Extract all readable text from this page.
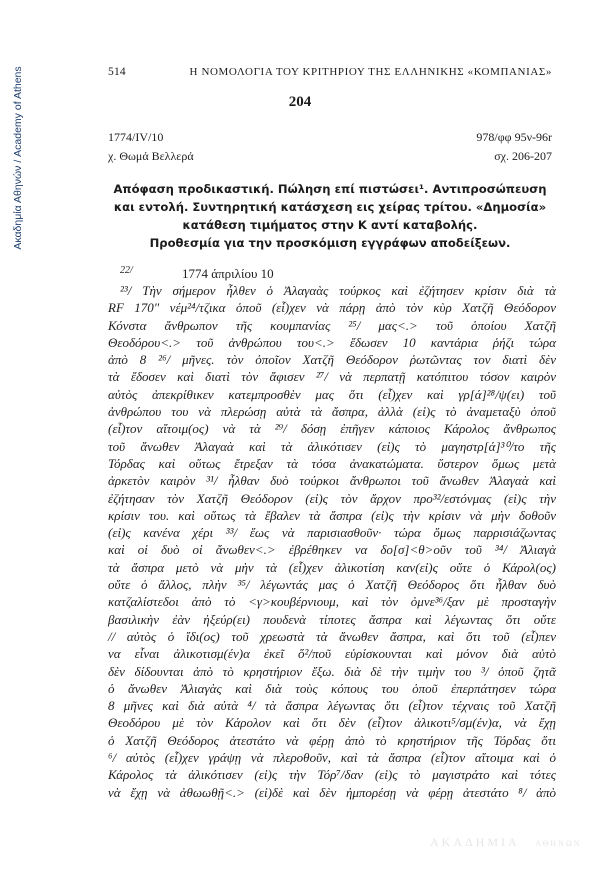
Ακαδημία Αθηνών / Academy of Athens	514	Η ΝΟΜΟΛΟΓΙΑ ΤΟΥ ΚΡΙΤΗΡΙΟΥ ΤΗΣ ΕΛΛΗΝΙΚΗΣ «ΚΟΜΠΑΝΙΑΣ»
204
1774/IV/10
χ. Θωμά Βελλερά
978/φφ 95ν-96r
σχ. 206-207
Απόφαση προδικαστική. Πώληση επί πιστώσει¹. Αντιπροσώπευση
και εντολή. Συντηρητική κατάσχεση εις χείρας τρίτου. «Δημοσία»
κατάθεση τιμήματος στην Κ αντί καταβολής.
Προθεσμία για την προσκόμιση εγγράφων αποδείξεων.
$^{22/}$	1774 άπριλίου 10
²³/ Τὴν σήμερον ἦλθεν ὁ Ἀλαγαὰς τούρκος καὶ ἐζήτησεν κρίσιν διὰ τὰ
RF 170" νέμ²⁴/τζικα ὁποῦ (εἶ)χεν νὰ πάρῃ ἀπὸ τὸν κὺρ Χατζῆ Θεόδορον
Κόνστα ἄνθρωπον τῆς κουμπανίας ²⁵/ μας<.> τοῦ ὁποίου Χατζῆ
Θεοδόρου<.> τοῦ ἀνθρώπου του<.> ἔδωσεν 10 καντάρια ῥήζι τώρα
ἀπὸ 8 ²⁶/ μῆνες. τὸν ὁποῖον Χατζῆ Θεόδορον ῥωτῶντας τον διατὶ δὲν
τὰ ἔδοσεν καὶ διατὶ τὸν ἄφισεν ²⁷/ νὰ περπατῇ κατόπιτου τόσον καιρὸν
αὐτὸς ἀπεκρίθικεν κατεμπροσθὲν μας ὅτι (εἶ)χεν καὶ γρ[ά]²⁸/ψ(ει) τοῦ
ἀνθρώπου του νὰ πλερώσῃ αὐτὰ τὰ ἄσπρα, ἀλλὰ (εἰ)ς τὸ ἀναμεταξὺ ὁποῦ
(εἶ)τον αἴτοιμ(ος) νὰ τὰ ²⁹/ δόσῃ ἐπῆγεν κάποιος Κάρολος ἄνθρωπος
τοῦ ἄνωθεν Ἀλαγαὰ καὶ τὰ ἀλικότισεν (εἰ)ς τὸ μαγηστρ[ά]³⁰/το τῆς
Τόρδας καὶ οὕτως ἔτρεξαν τὰ τόσα ἀνακατώματα. ὕστερον ὅμως μετὰ
ἀρκετὸν καιρὸν ³¹/ ἦλθαν δυὸ τούρκοι ἄνθρωποι τοῦ ἄνωθεν Ἀλαγαὰ καὶ
ἐζήτησαν τὸν Χατζῆ Θεόδορον (εἰ)ς τὸν ἄρχον προ³²/εστόνμας (εἰ)ς τὴν
κρίσιν του. καὶ οὕτως τὰ ἔβαλεν τὰ ἄσπρα (εἰ)ς τὴν κρίσιν νὰ μὴν δοθοῦν
(εἰ)ς κανένα χέρι ³³/ ἕως νὰ παρισιασθοῦν· τώρα ὅμως παρρισιάζωντας
καὶ οἱ δυὸ οἱ ἄνωθεν<.> ἐβρέθηκεν να δο[σ]<θ>οῦν τοῦ ³⁴/ Ἀλιαγὰ
τὰ ἄσπρα μετὸ νὰ μὴν τὰ (εἶ)χεν ἀλικοτίση καν(εἰ)ς οὔτε ὁ Κάρολ(ος)
οὔτε ὁ ἄλλος, πλὴν ³⁵/ λέγωντάς μας ὁ Χατζῆ Θεόδορος ὅτι ἦλθαν δυὸ
κατζαλίστεδοι ἀπὸ τὸ <γ>κουβέρνιουμ, καὶ τὸν ὀμνε³⁶/ξαν μὲ προσταγὴν
βασιλικὴν ἐὰν ἠξεύρ(ει) πουδενὰ τίποτες ἄσπρα καὶ λέγωντας ὅτι οὔτε
// αὐτὸς ὁ ἴδι(ος) τοῦ χρεωστὰ τὰ ἄνωθεν ἄσπρα, καὶ ὅτι τοῦ (εἶ)πεν
να εἶναι ἀλικοτισμ(έν)α ἐκεῖ ὅ²/ποῦ εὑρίσκουνται καὶ μόνον διὰ αὐτὸ
δὲν δίδουνται ἀπὸ τὸ κρηστήριον ἔξω. διὰ δὲ τὴν τιμὴν του ³/ ὁποῦ ζητᾶ
ὁ ἄνωθεν Ἀλιαγὰς καὶ διὰ τοὺς κόπους του ὁποῦ ἐπερπάτησεν τώρα
8 μῆνες καὶ διὰ αὐτὰ ⁴/ τὰ ἄσπρα λέγωντας ὅτι (εἶ)τον τέχναις τοῦ Χατζῆ
Θεοδόρου μὲ τὸν Κάρολον καὶ ὅτι δὲν (εἶ)τον ἀλικοτι⁵/σμ(έν)α, νὰ ἔχῃ
ὁ Χατζῆ Θεόδορος ἀτεστάτο νὰ φέρῃ ἀπὸ τὸ κρηστήριον τῆς Τόρδας ὅτι
⁶/ αὐτὸς (εἶ)χεν γράψῃ νὰ πλεροθοῦν, καὶ τὰ ἄσπρα (εἶ)τον αἴτοιμα καὶ ὁ
Κάρολος τὰ ἀλικότισεν (εἰ)ς τὴν Τόρ⁷/δαν (εἰ)ς τὸ μαγιστράτο καὶ τότες
νὰ ἔχῃ νὰ ἀθωωθῇ<.> (εἰ)δὲ καὶ δὲν ἠμπορέσῃ νὰ φέρῃ ἀτεστάτο ⁸/ ἀπὸ
ΑΚΑΔΗΜΙΑ ΑΘΗΝΩΝ
